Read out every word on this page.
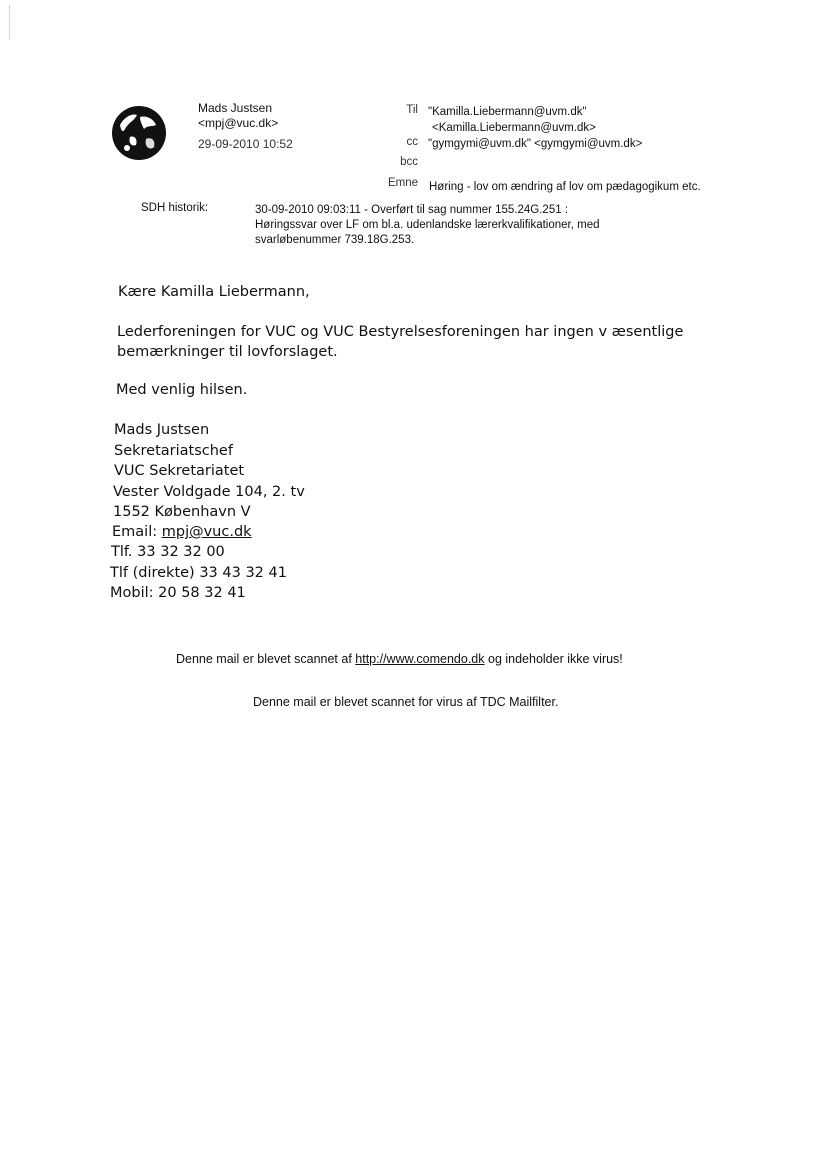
Mads Justsen
<mpj@vuc.dk>
29-09-2010 10:52
Til
cc
bcc
Emne
"Kamilla.Liebermann@uvm.dk"
<Kamilla.Liebermann@uvm.dk>
"gymgymi@uvm.dk" <gymgymi@uvm.dk>
Høring - lov om ændring af lov om pædagogikum etc.
SDH historik:	30-09-2010 09:03:11 - Overført til sag nummer 155.24G.251 :
Høringssvar over LF om bl.a. udenlandske lærerkvalifikationer, med
svarløbenummer 739.18G.253.
Kære Kamilla Liebermann,
Lederforeningen for VUC og VUC Bestyrelsesforeningen har ingen v æsentlige
bemærkninger til lovforslaget.
Med venlig hilsen.
Mads Justsen
Sekretariatschef
VUC Sekretariatet
Vester Voldgade 104, 2. tv
1552 København V
Email: mpj@vuc.dk
Tlf. 33 32 32 00
Tlf (direkte) 33 43 32 41
Mobil: 20 58 32 41
Denne mail er blevet scannet af http://www.comendo.dk og indeholder ikke virus!
Denne mail er blevet scannet for virus af TDC Mailfilter.
